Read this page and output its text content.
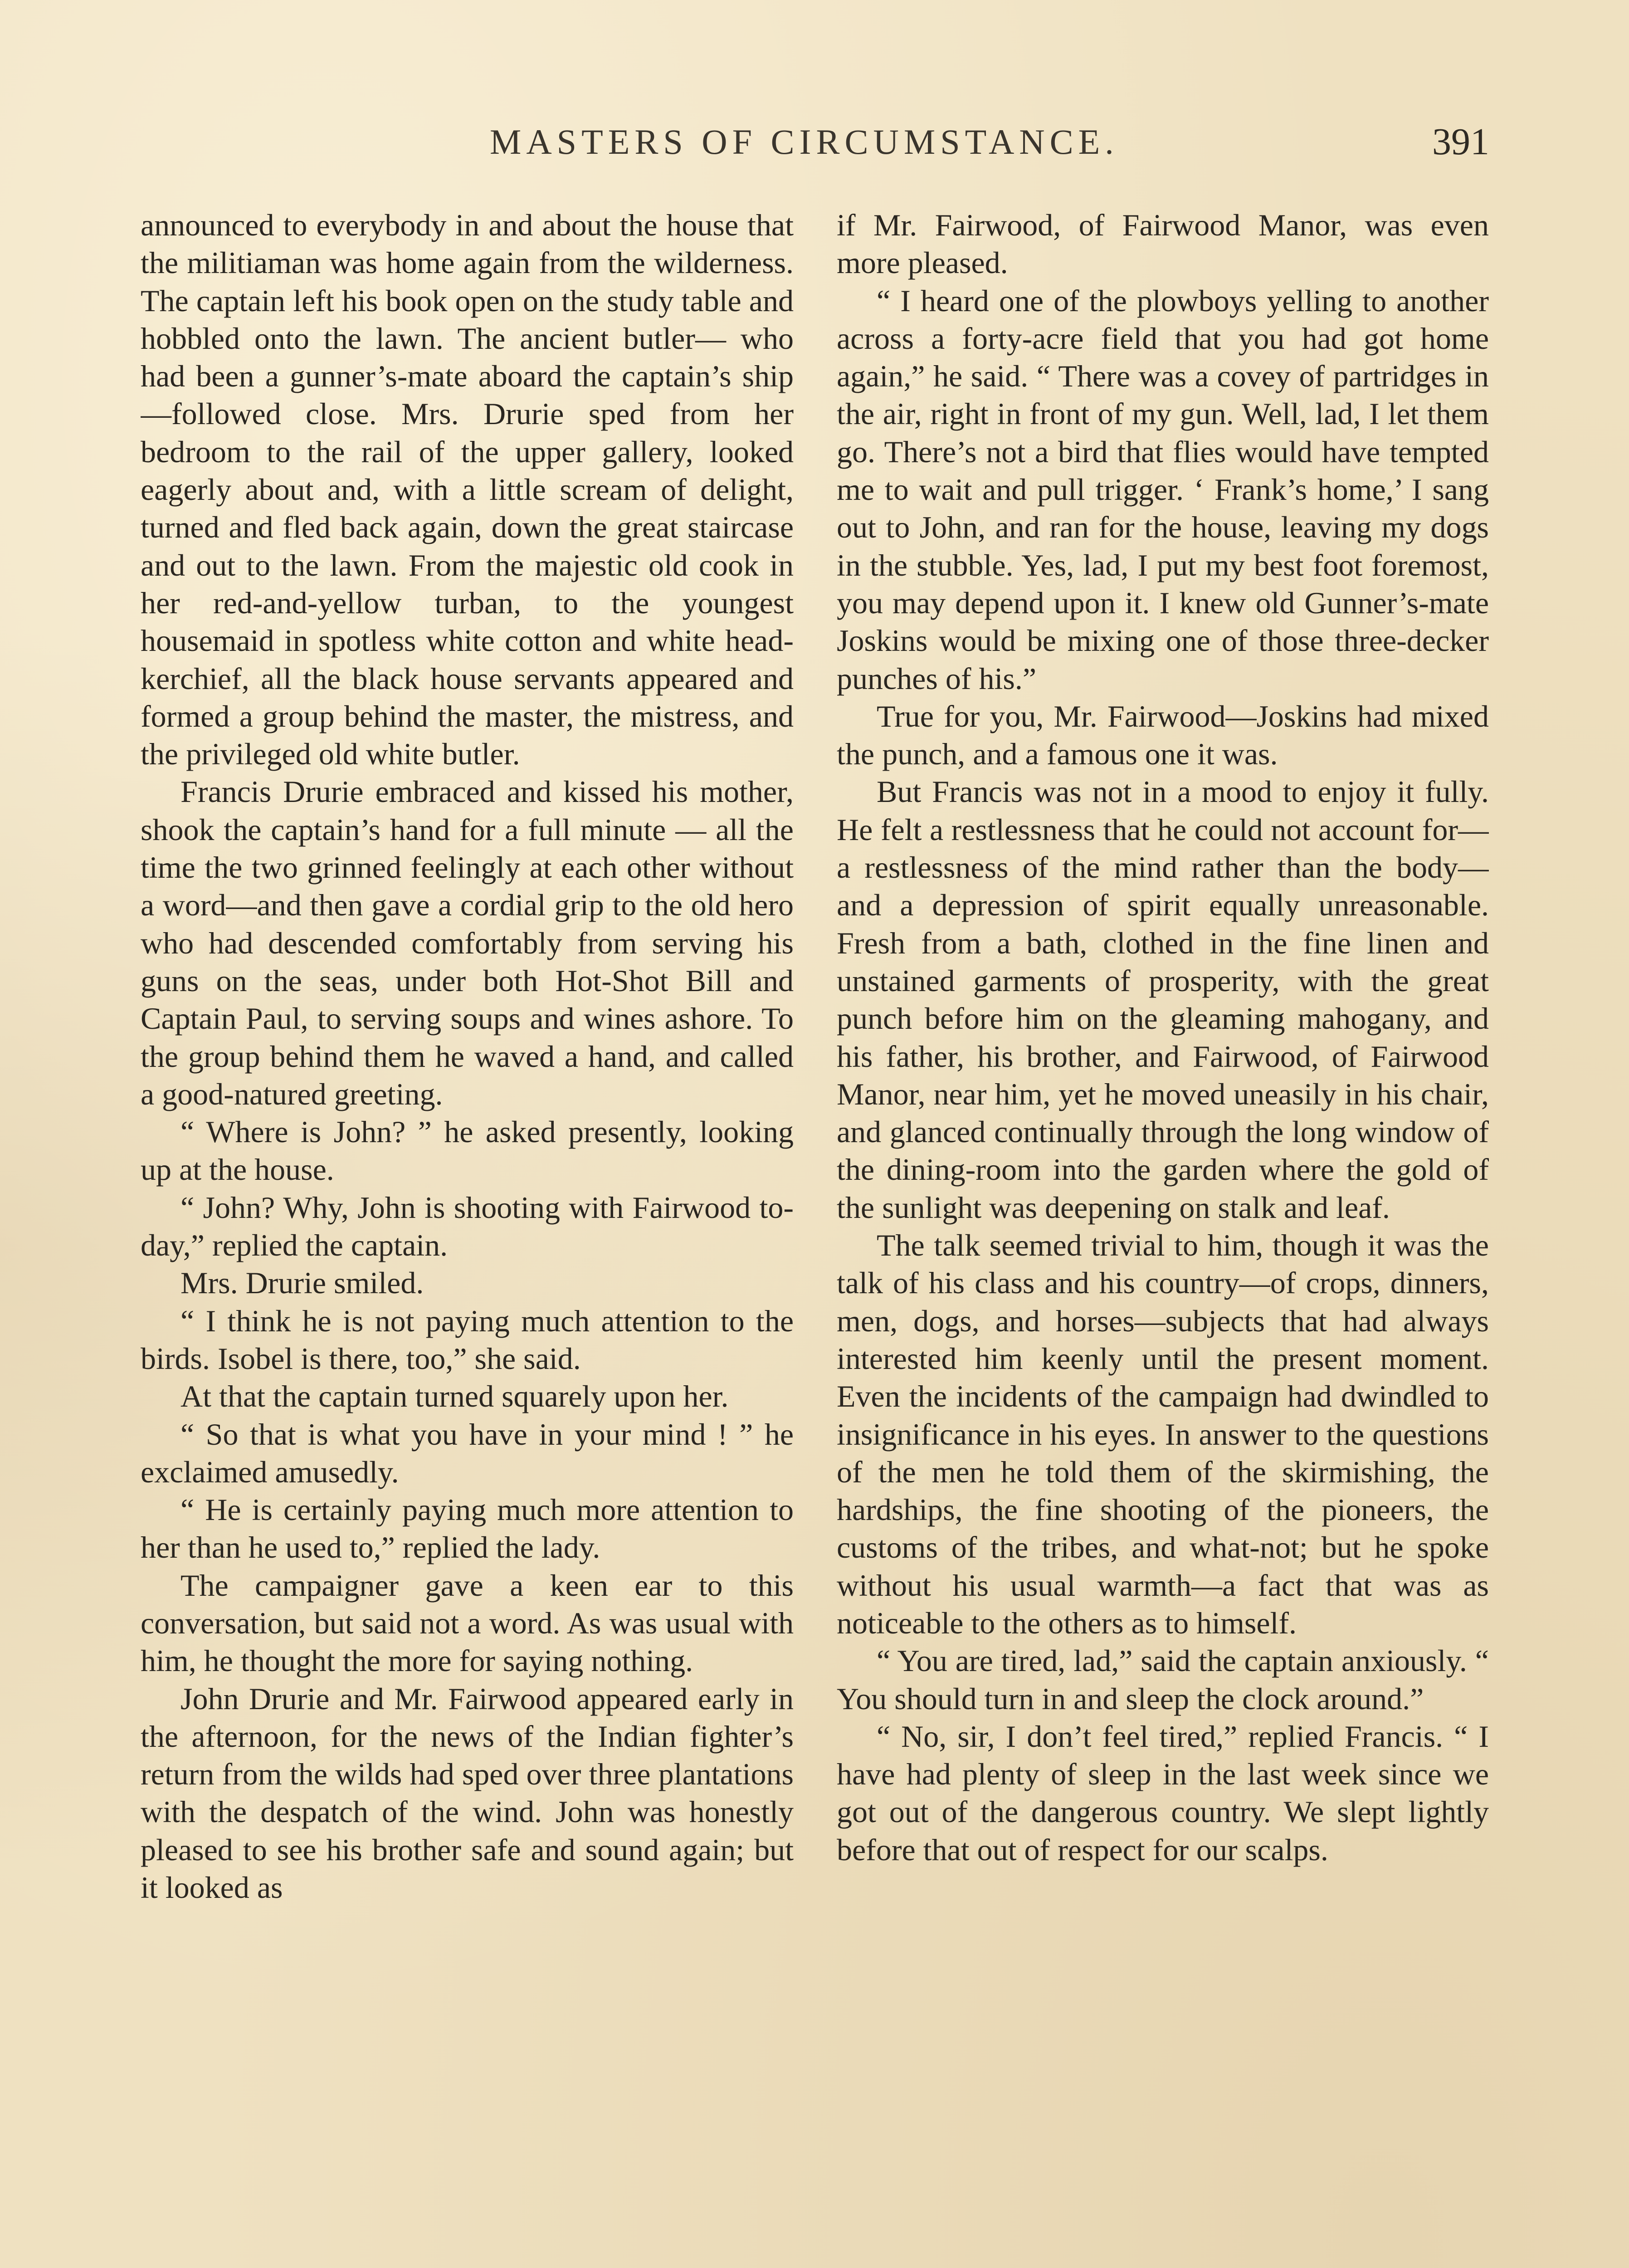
MASTERS OF CIRCUMSTANCE.	391

announced to everybody in and about the house that the militiaman was home again from the wilderness. The captain left his book open on the study table and hobbled onto the lawn. The ancient butler— who had been a gunner’s-mate aboard the captain’s ship—followed close. Mrs. Drurie sped from her bedroom to the rail of the upper gallery, looked eagerly about and, with a little scream of delight, turned and fled back again, down the great staircase and out to the lawn. From the majestic old cook in her red-and-yellow turban, to the youngest housemaid in spotless white cotton and white head-kerchief, all the black house servants appeared and formed a group behind the master, the mistress, and the privileged old white butler.

Francis Drurie embraced and kissed his mother, shook the captain’s hand for a full minute — all the time the two grinned feelingly at each other without a word—and then gave a cordial grip to the old hero who had descended comfortably from serving his guns on the seas, under both Hot-Shot Bill and Captain Paul, to serving soups and wines ashore. To the group behind them he waved a hand, and called a good-natured greeting.

“ Where is John? ” he asked presently, looking up at the house.

“ John? Why, John is shooting with Fairwood to-day,” replied the captain.

Mrs. Drurie smiled.

“ I think he is not paying much attention to the birds. Isobel is there, too,” she said.

At that the captain turned squarely upon her.

“ So that is what you have in your mind ! ” he exclaimed amusedly.

“ He is certainly paying much more attention to her than he used to,” replied the lady.

The campaigner gave a keen ear to this conversation, but said not a word. As was usual with him, he thought the more for saying nothing.

John Drurie and Mr. Fairwood appeared early in the afternoon, for the news of the Indian fighter’s return from the wilds had sped over three plantations with the despatch of the wind. John was honestly pleased to see his brother safe and sound again; but it looked as

if Mr. Fairwood, of Fairwood Manor, was even more pleased.

“ I heard one of the plowboys yelling to another across a forty-acre field that you had got home again,” he said. “ There was a covey of partridges in the air, right in front of my gun. Well, lad, I let them go. There’s not a bird that flies would have tempted me to wait and pull trigger. ‘ Frank’s home,’ I sang out to John, and ran for the house, leaving my dogs in the stubble. Yes, lad, I put my best foot foremost, you may depend upon it. I knew old Gunner’s-mate Joskins would be mixing one of those three-decker punches of his.”

True for you, Mr. Fairwood—Joskins had mixed the punch, and a famous one it was.

But Francis was not in a mood to enjoy it fully. He felt a restlessness that he could not account for—a restlessness of the mind rather than the body— and a depression of spirit equally unreasonable. Fresh from a bath, clothed in the fine linen and unstained garments of prosperity, with the great punch before him on the gleaming mahogany, and his father, his brother, and Fairwood, of Fairwood Manor, near him, yet he moved uneasily in his chair, and glanced continually through the long window of the dining-room into the garden where the gold of the sunlight was deepening on stalk and leaf.

The talk seemed trivial to him, though it was the talk of his class and his country—of crops, dinners, men, dogs, and horses—subjects that had always interested him keenly until the present moment. Even the incidents of the campaign had dwindled to insignificance in his eyes. In answer to the questions of the men he told them of the skirmishing, the hardships, the fine shooting of the pioneers, the customs of the tribes, and what-not; but he spoke without his usual warmth—a fact that was as noticeable to the others as to himself.

“ You are tired, lad,” said the captain anxiously. “ You should turn in and sleep the clock around.”

“ No, sir, I don’t feel tired,” replied Francis. “ I have had plenty of sleep in the last week since we got out of the dangerous country. We slept lightly before that out of respect for our scalps.
